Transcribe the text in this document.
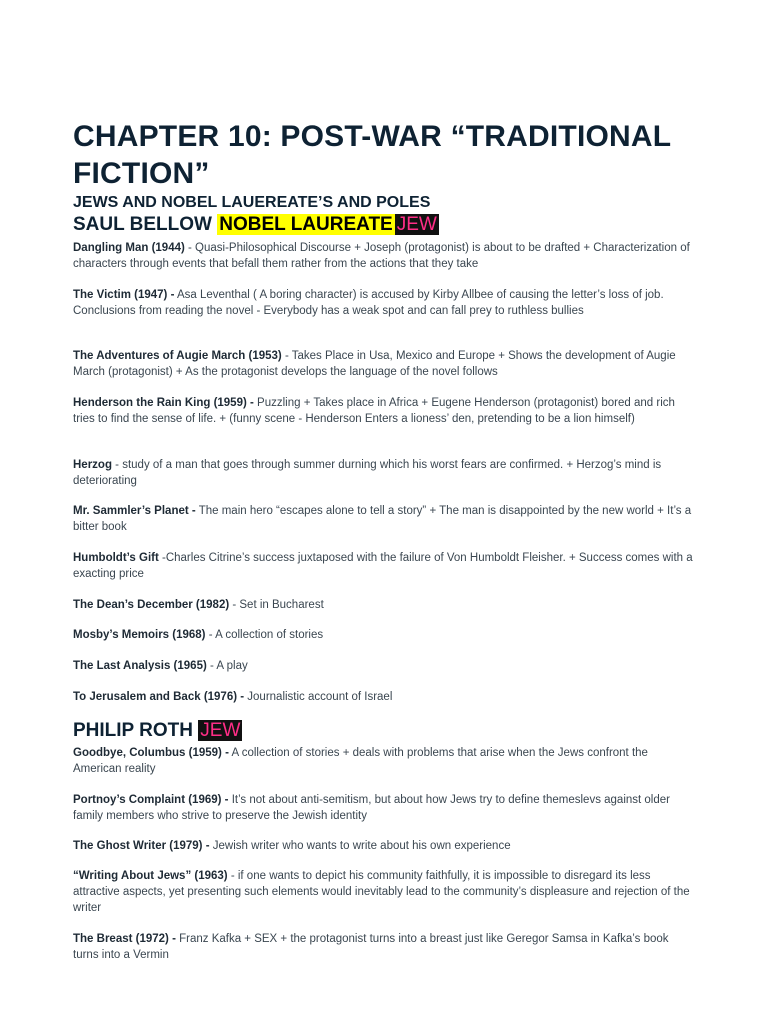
CHAPTER 10: POST-WAR “TRADITIONAL FICTION”
JEWS AND NOBEL LAUEREATE’S AND POLES
SAUL BELLOW NOBEL LAUREATE JEW

Dangling Man (1944) - Quasi-Philosophical Discourse + Joseph (protagonist) is about to be drafted + Characterization of characters through events that befall them rather from the actions that they take

The Victim (1947) - Asa Leventhal ( A boring character) is accused by Kirby Allbee of causing the letter’s loss of job. Conclusions from reading the novel - Everybody has a weak spot and can fall prey to ruthless bullies

The Adventures of Augie March (1953) - Takes Place in Usa, Mexico and Europe + Shows the development of Augie March (protagonist) + As the protagonist develops the language of the novel follows

Henderson the Rain King (1959) - Puzzling + Takes place in Africa + Eugene Henderson (protagonist) bored and rich tries to find the sense of life. + (funny scene - Henderson Enters a lioness’ den, pretending to be a lion himself)

Herzog - study of a man that goes through summer durning which his worst fears are confirmed. + Herzog’s mind is deteriorating

Mr. Sammler’s Planet - The main hero “escapes alone to tell a story” + The man is disappointed by the new world + It’s a bitter book

Humboldt’s Gift -Charles Citrine’s success juxtaposed with the failure of Von Humboldt Fleisher. + Success comes with a exacting price

The Dean’s December (1982) - Set in Bucharest

Mosby’s Memoirs (1968) - A collection of stories

The Last Analysis (1965) - A play

To Jerusalem and Back (1976) - Journalistic account of Israel

PHILIP ROTH JEW

Goodbye, Columbus (1959) - A collection of stories + deals with problems that arise when the Jews confront the American reality

Portnoy’s Complaint (1969) - It’s not about anti-semitism, but about how Jews try to define themeslevs against older family members who strive to preserve the Jewish identity

The Ghost Writer (1979) - Jewish writer who wants to write about his own experience

“Writing About Jews” (1963) - if one wants to depict his community faithfully, it is impossible to disregard its less attractive aspects, yet presenting such elements would inevitably lead to the community’s displeasure and rejection of the writer

The Breast (1972) - Franz Kafka + SEX + the protagonist turns into a breast just like Geregor Samsa in Kafka’s book turns into a Vermin
